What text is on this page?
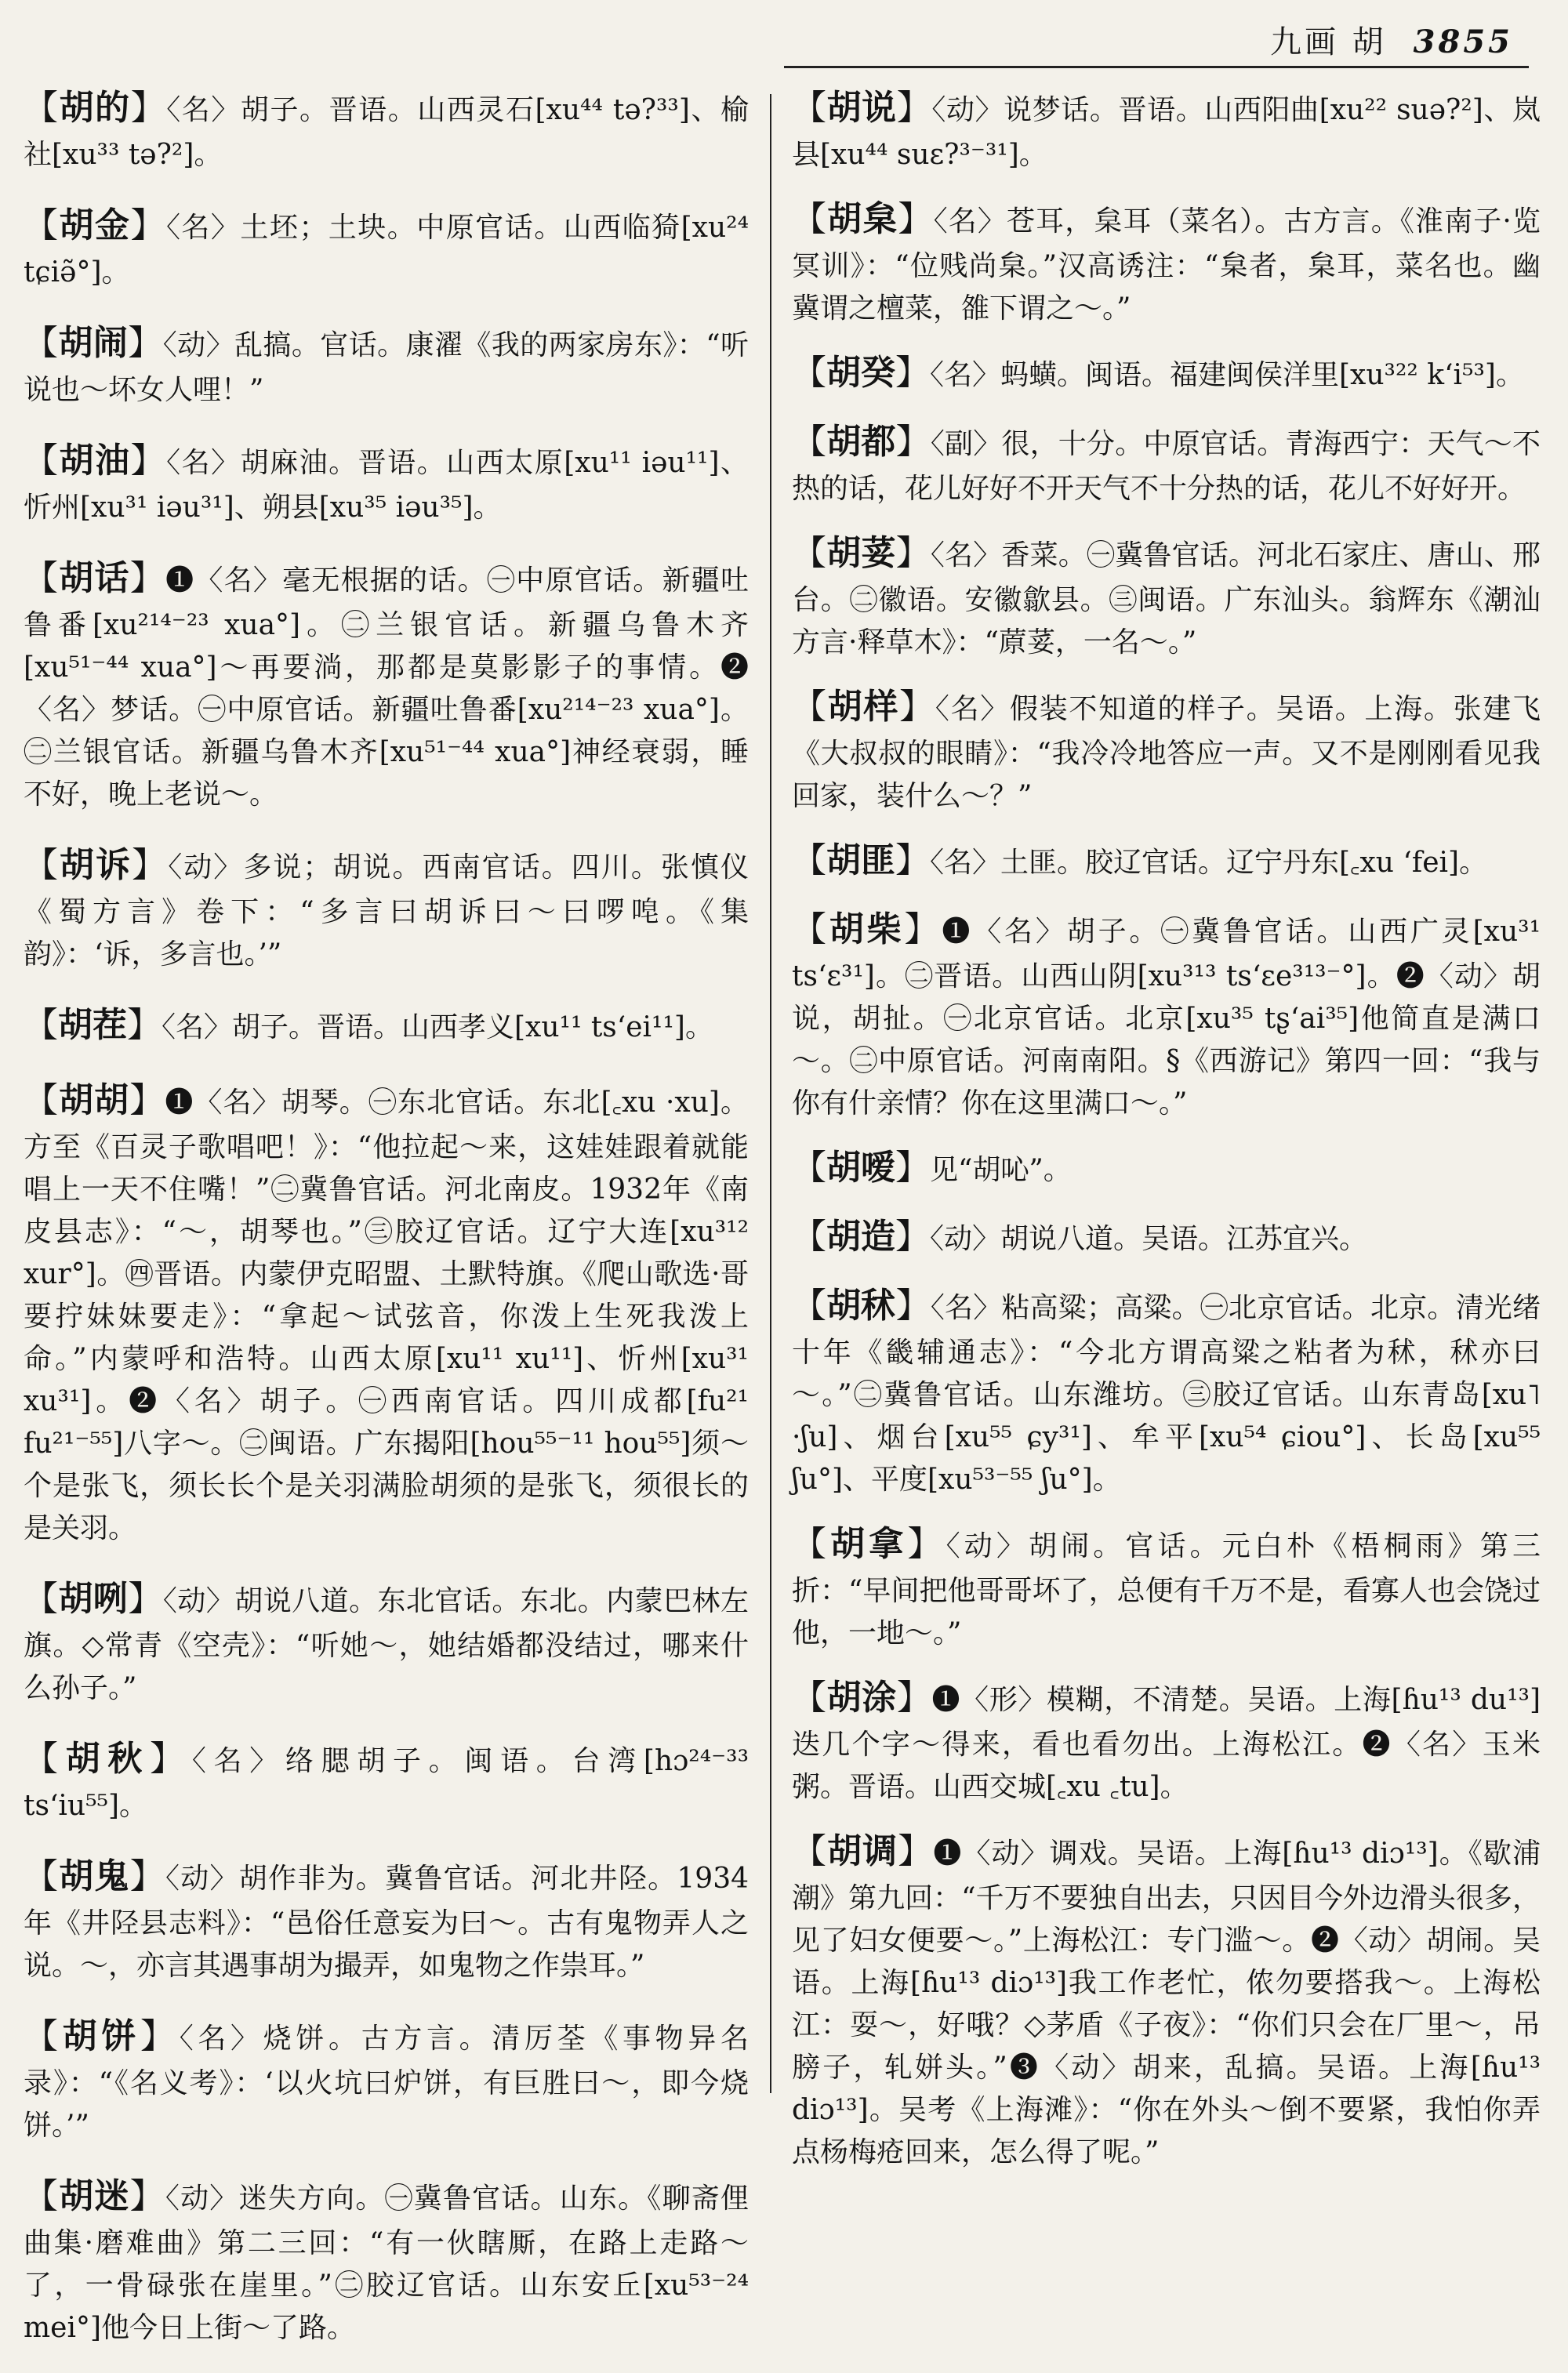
九画 胡 3855
【胡的】〈名〉胡子。晋语。山西灵石[xu⁴⁴ tə?³³]、榆社[xu³³ tə?²]。
【胡金】〈名〉土坯；土块。中原官话。山西临猗[xu²⁴ tɕiə̃°]。
【胡闹】〈动〉乱搞。官话。康濯《我的两家房东》：“听说也～坏女人哩！”
【胡油】〈名〉胡麻油。晋语。山西太原[xu¹¹ iəu¹¹]、忻州[xu³¹ iəu³¹]、朔县[xu³⁵ iəu³⁵]。
【胡话】❶〈名〉毫无根据的话。㊀中原官话。新疆吐鲁番[xu²¹⁴⁻²³ xua°]。㊁兰银官话。新疆乌鲁木齐[xu⁵¹⁻⁴⁴ xua°]～再要淌，那都是莫影影子的事情。❷〈名〉梦话。㊀中原官话。新疆吐鲁番[xu²¹⁴⁻²³ xua°]。㊁兰银官话。新疆乌鲁木齐[xu⁵¹⁻⁴⁴ xua°]神经衰弱，睡不好，晚上老说～。
【胡诉】〈动〉多说；胡说。西南官话。四川。张慎仪《蜀方言》卷下：“多言曰胡诉曰～曰啰唣。《集韵》：‘诉，多言也。’”
【胡茬】〈名〉胡子。晋语。山西孝义[xu¹¹ ts‘ei¹¹]。
【胡胡】❶〈名〉胡琴。㊀东北官话。东北[꜀xu ·xu]。方至《百灵子歌唱吧！》：“他拉起～来，这娃娃跟着就能唱上一天不住嘴！”㊁冀鲁官话。河北南皮。1932年《南皮县志》：“～，胡琴也。”㊂胶辽官话。辽宁大连[xu³¹² xur°]。㊃晋语。内蒙伊克昭盟、土默特旗。《爬山歌选·哥要拧妹妹要走》：“拿起～试弦音，你泼上生死我泼上命。”内蒙呼和浩特。山西太原[xu¹¹ xu¹¹]、忻州[xu³¹ xu³¹]。❷〈名〉胡子。㊀西南官话。四川成都[fu²¹ fu²¹⁻⁵⁵]八字～。㊁闽语。广东揭阳[hou⁵⁵⁻¹¹ hou⁵⁵]须～个是张飞，须长长个是关羽满脸胡须的是张飞，须很长的是关羽。
【胡咧】〈动〉胡说八道。东北官话。东北。内蒙巴林左旗。◇常青《空壳》：“听她～，她结婚都没结过，哪来什么孙子。”
【胡秋】〈名〉络腮胡子。闽语。台湾[hɔ²⁴⁻³³ ts‘iu⁵⁵]。
【胡鬼】〈动〉胡作非为。冀鲁官话。河北井陉。1934年《井陉县志料》：“邑俗任意妄为曰～。古有鬼物弄人之说。～，亦言其遇事胡为撮弄，如鬼物之作祟耳。”
【胡饼】〈名〉烧饼。古方言。清厉荃《事物异名录》：“《名义考》：‘以火坑曰炉饼，有巨胜曰～，即今烧饼。’”
【胡迷】〈动〉迷失方向。㊀冀鲁官话。山东。《聊斋俚曲集·磨难曲》第二三回：“有一伙瞎厮，在路上走路～了，一骨碌张在崖里。”㊁胶辽官话。山东安丘[xu⁵³⁻²⁴ mei°]他今日上街～了路。
【胡说】〈动〉说梦话。晋语。山西阳曲[xu²² suə?²]、岚县[xu⁴⁴ suɛ?³⁻³¹]。
【胡枲】〈名〉苍耳，枲耳（菜名）。古方言。《淮南子·览冥训》：“位贱尚枲。”汉高诱注：“枲者，枲耳，菜名也。幽冀谓之檀菜，雒下谓之～。”
【胡癸】〈名〉蚂蟥。闽语。福建闽侯洋里[xu³²² k‘i⁵³]。
【胡都】〈副〉很，十分。中原官话。青海西宁：天气～不热的话，花儿好好不开天气不十分热的话，花儿不好好开。
【胡荽】〈名〉香菜。㊀冀鲁官话。河北石家庄、唐山、邢台。㊁徽语。安徽歙县。㊂闽语。广东汕头。翁辉东《潮汕方言·释草木》：“蒝荽，一名～。”
【胡样】〈名〉假装不知道的样子。吴语。上海。张建飞《大叔叔的眼睛》：“我冷冷地答应一声。又不是刚刚看见我回家，装什么～？”
【胡匪】〈名〉土匪。胶辽官话。辽宁丹东[꜀xu ‘fei]。
【胡柴】❶〈名〉胡子。㊀冀鲁官话。山西广灵[xu³¹ ts‘ɛ³¹]。㊁晋语。山西山阴[xu³¹³ ts‘ɛe³¹³⁻°]。❷〈动〉胡说，胡扯。㊀北京官话。北京[xu³⁵ tʂ‘ai³⁵]他简直是满口～。㊁中原官话。河南南阳。§《西游记》第四一回：“我与你有什亲情？你在这里满口～。”
【胡嗳】见“胡吣”。
【胡造】〈动〉胡说八道。吴语。江苏宜兴。
【胡秫】〈名〉粘高粱；高粱。㊀北京官话。北京。清光绪十年《畿辅通志》：“今北方谓高粱之粘者为秫，秫亦曰～。”㊁冀鲁官话。山东潍坊。㊂胶辽官话。山东青岛[xu˥ ·ʃu]、烟台[xu⁵⁵ ɕy³¹]、牟平[xu⁵⁴ ɕiou°]、长岛[xu⁵⁵ ʃu°]、平度[xu⁵³⁻⁵⁵ ʃu°]。
【胡拿】〈动〉胡闹。官话。元白朴《梧桐雨》第三折：“早间把他哥哥坏了，总便有千万不是，看寡人也会饶过他，一地～。”
【胡涂】❶〈形〉模糊，不清楚。吴语。上海[ɦu¹³ du¹³]迭几个字～得来，看也看勿出。上海松江。❷〈名〉玉米粥。晋语。山西交城[꜀xu ꜀tu]。
【胡调】❶〈动〉调戏。吴语。上海[ɦu¹³ diɔ¹³]。《歇浦潮》第九回：“千万不要独自出去，只因目今外边滑头很多，见了妇女便要～。”上海松江：专门滥～。❷〈动〉胡闹。吴语。上海[ɦu¹³ diɔ¹³]我工作老忙，侬勿要搭我～。上海松江：耍～，好哦？◇茅盾《子夜》：“你们只会在厂里～，吊膀子，轧姘头。”❸〈动〉胡来，乱搞。吴语。上海[ɦu¹³ diɔ¹³]。吴考《上海滩》：“你在外头～倒不要紧，我怕你弄点杨梅疮回来，怎么得了呢。”
